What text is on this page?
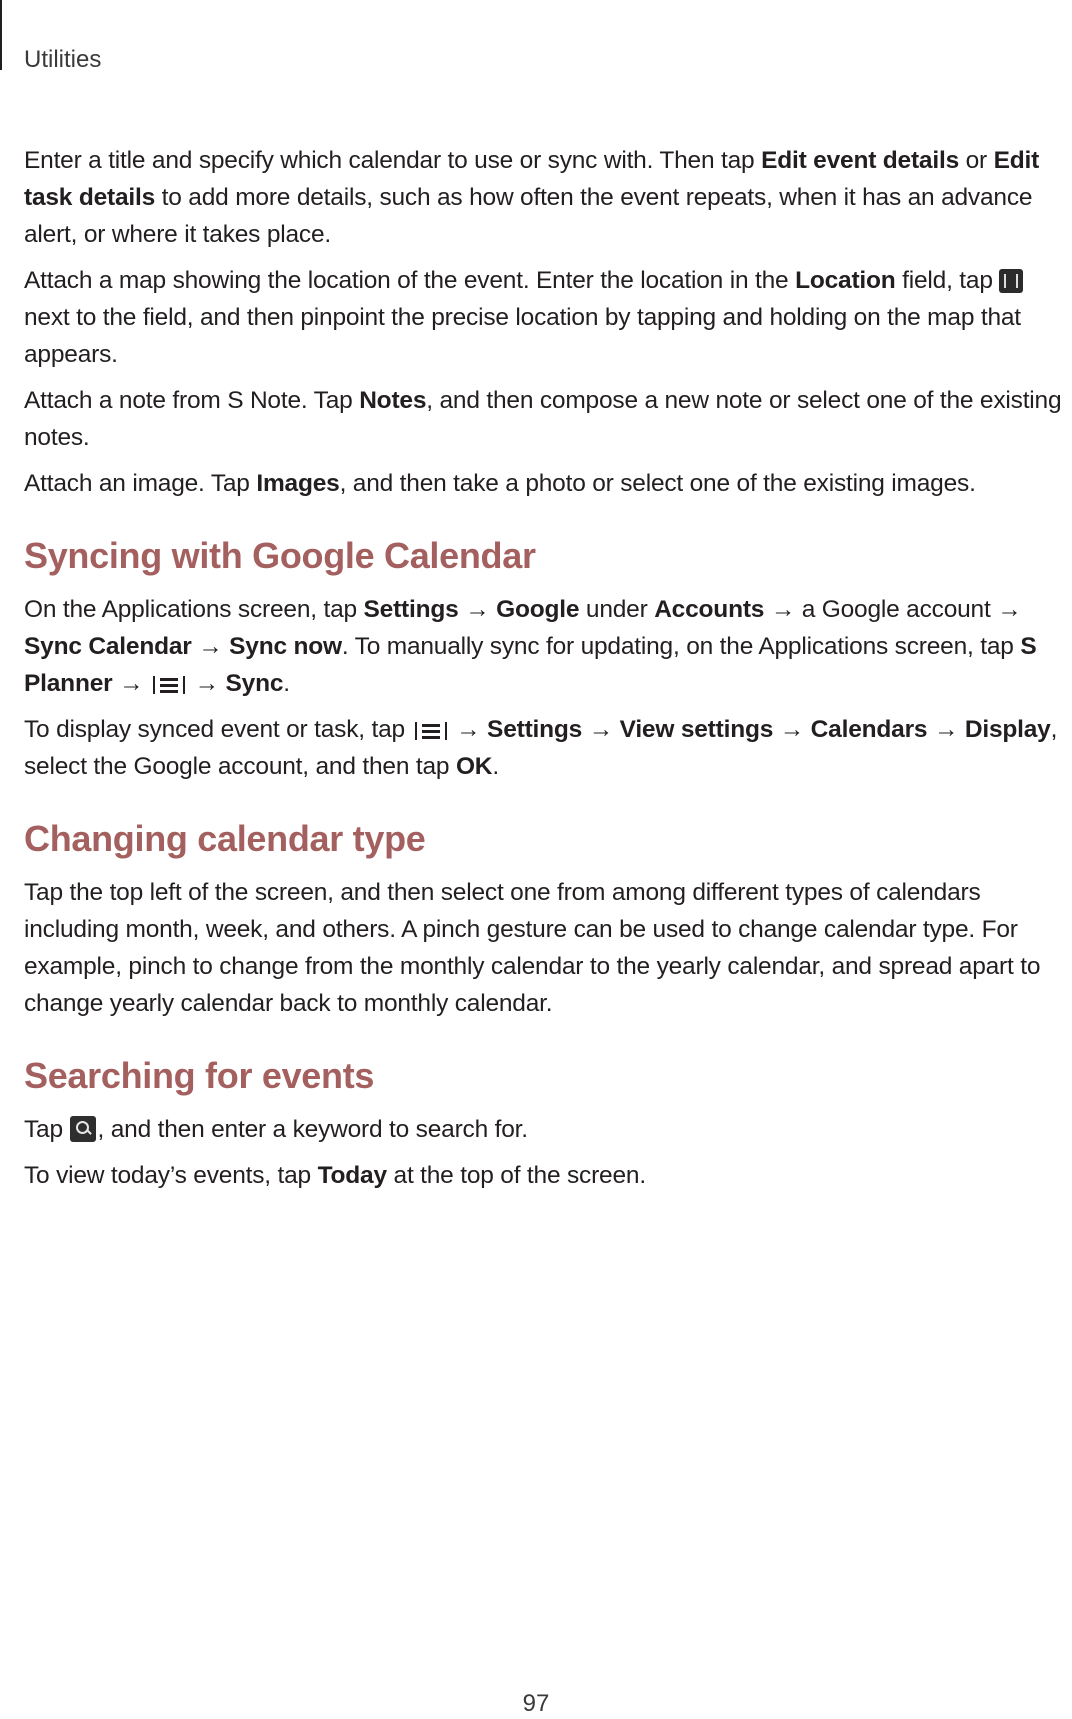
Utilities

Enter a title and specify which calendar to use or sync with. Then tap Edit event details or Edit task details to add more details, such as how often the event repeats, when it has an advance alert, or where it takes place.

Attach a map showing the location of the event. Enter the location in the Location field, tap next to the field, and then pinpoint the precise location by tapping and holding on the map that appears.

Attach a note from S Note. Tap Notes, and then compose a new note or select one of the existing notes.

Attach an image. Tap Images, and then take a photo or select one of the existing images.

Syncing with Google Calendar

On the Applications screen, tap Settings → Google under Accounts → a Google account → Sync Calendar → Sync now. To manually sync for updating, on the Applications screen, tap S Planner →
→ Sync.

To display synced event or task, tap
→ Settings → View settings → Calendars → Display, select the Google account, and then tap OK.

Changing calendar type

Tap the top left of the screen, and then select one from among different types of calendars including month, week, and others. A pinch gesture can be used to change calendar type. For example, pinch to change from the monthly calendar to the yearly calendar, and spread apart to change yearly calendar back to monthly calendar.

Searching for events

Tap , and then enter a keyword to search for.

To view today’s events, tap Today at the top of the screen.

97
